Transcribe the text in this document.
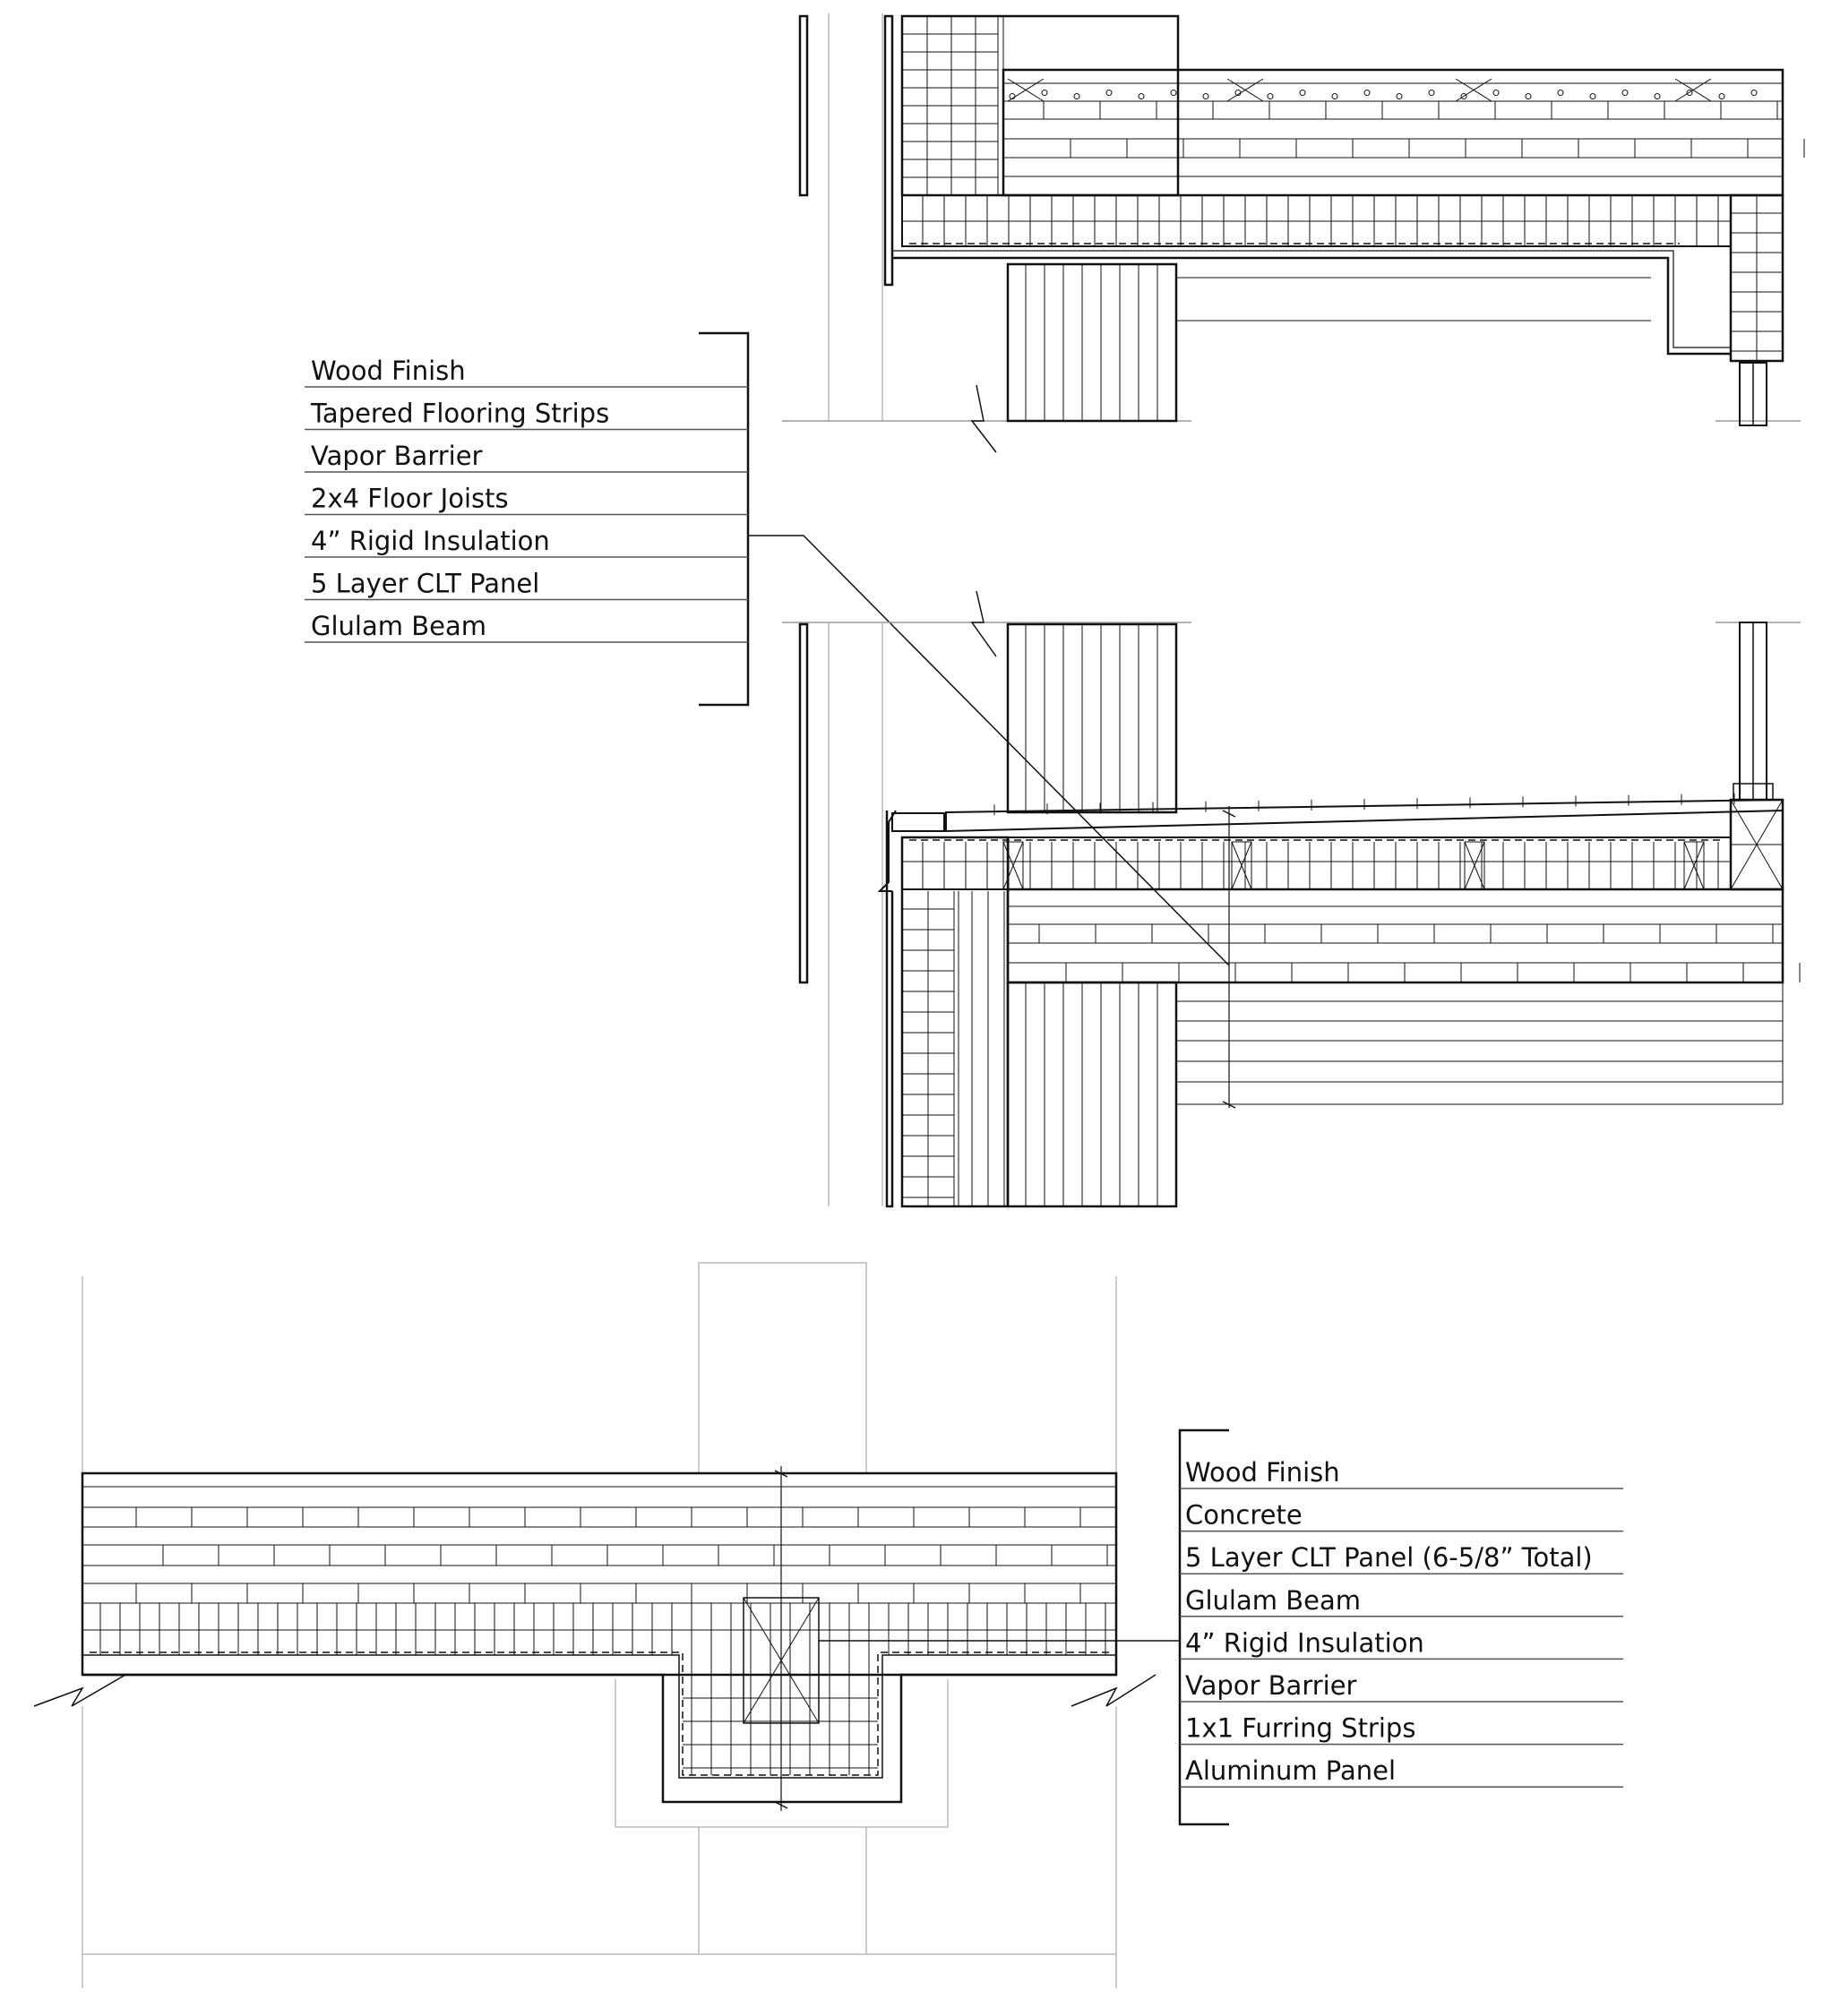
Wood Finish
Tapered Flooring Strips
Vapor Barrier
2x4 Floor Joists
4” Rigid Insulation
5 Layer CLT Panel
Glulam Beam
Wood Finish
Concrete
5 Layer CLT Panel (6-5/8” Total)
Glulam Beam
4” Rigid Insulation
Vapor Barrier
1x1 Furring Strips
Aluminum Panel
